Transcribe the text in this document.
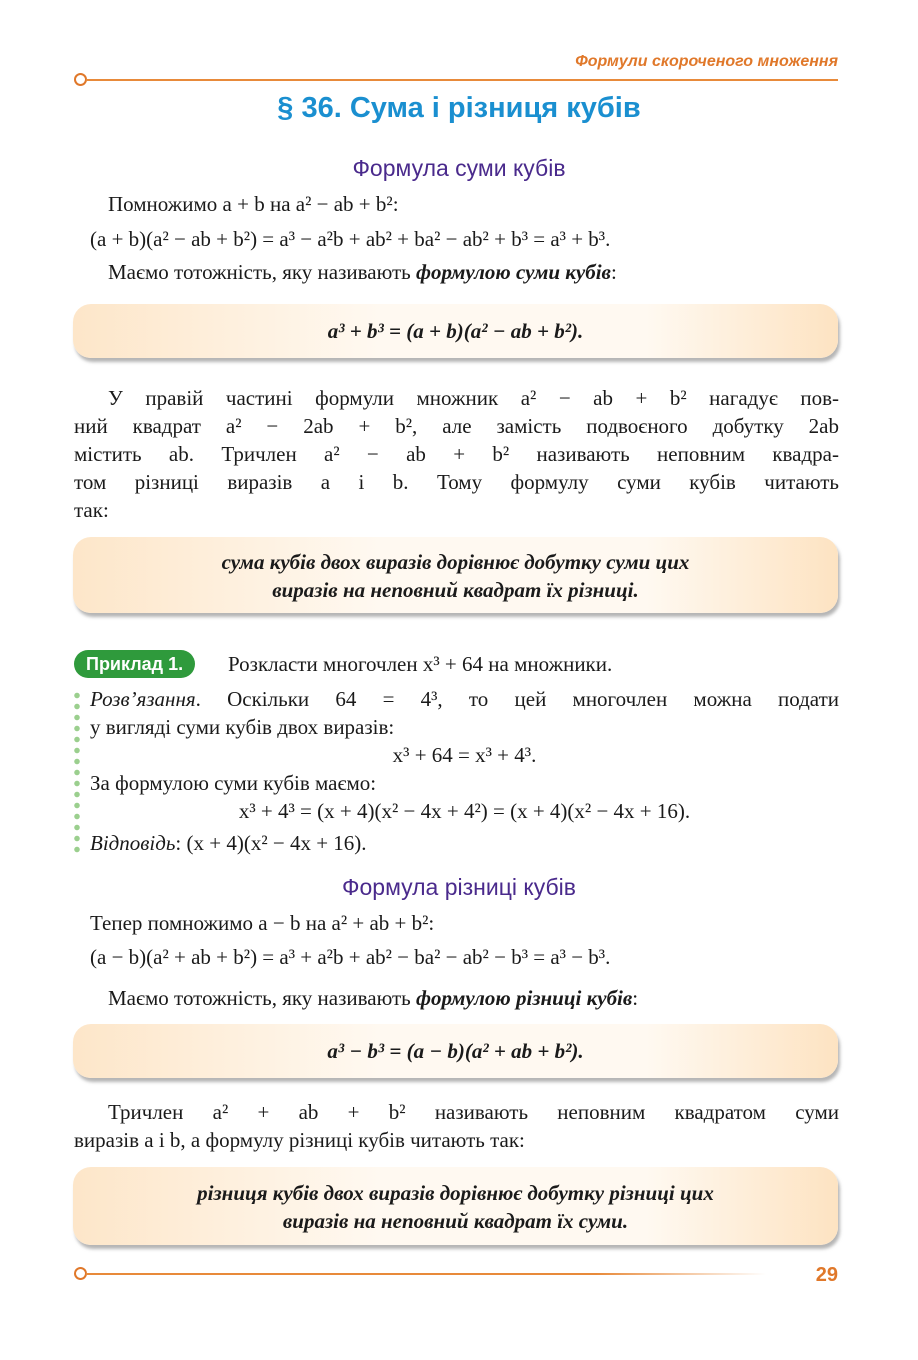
Формули скороченого множення
§ 36. Сума і різниця кубів
Формула суми кубів
Помножимо a + b на a² − ab + b²:
(a + b)(a² − ab + b²) = a³ − a²b + ab² + ba² − ab² + b³ = a³ + b³.
Маємо тотожність, яку називають формулою суми кубів:
a³ + b³ = (a + b)(a² − ab + b²).
У правій частині формули множник a² − ab + b² нагадує пов-
ний квадрат a² − 2ab + b², але замість подвоєного добутку 2ab
містить ab. Тричлен a² − ab + b² називають неповним квадра-
том різниці виразів a і b. Тому формулу суми кубів читають
так:
сума кубів двох виразів дорівнює добутку суми цих
виразів на неповний квадрат їх різниці.
Приклад 1.	Розкласти многочлен x³ + 64 на множники.
Розв’язання. Оскільки 64 = 4³, то цей многочлен можна подати
у вигляді суми кубів двох виразів:
x³ + 64 = x³ + 4³.
За формулою суми кубів маємо:
x³ + 4³ = (x + 4)(x² − 4x + 4²) = (x + 4)(x² − 4x + 16).
Відповідь: (x + 4)(x² − 4x + 16).
Формула різниці кубів
Тепер помножимо a − b на a² + ab + b²:
(a − b)(a² + ab + b²) = a³ + a²b + ab² − ba² − ab² − b³ = a³ − b³.
Маємо тотожність, яку називають формулою різниці кубів:
a³ − b³ = (a − b)(a² + ab + b²).
Тричлен a² + ab + b² називають неповним квадратом суми
виразів a і b, а формулу різниці кубів читають так:
різниця кубів двох виразів дорівнює добутку різниці цих
виразів на неповний квадрат їх суми.
29
